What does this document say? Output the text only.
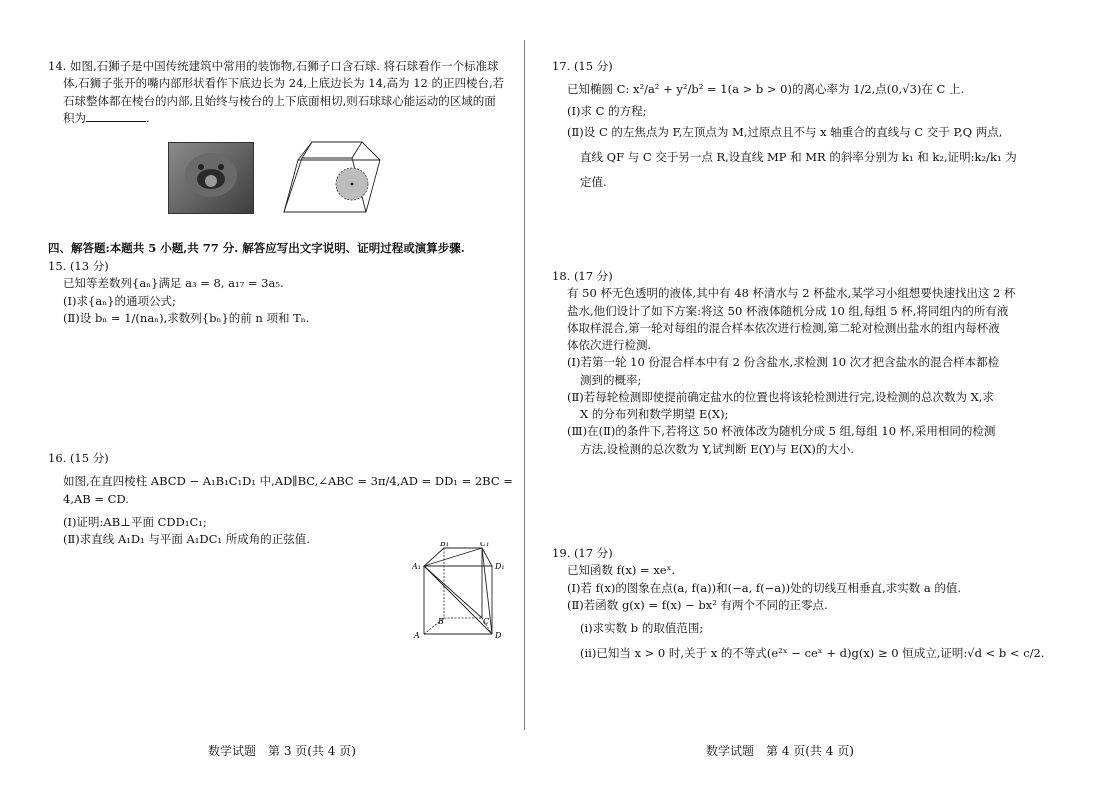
14. 如图,石狮子是中国传统建筑中常用的装饰物,石狮子口含石球. 将石球看作一个标准球

体,石狮子张开的嘴内部形状看作下底边长为 24,上底边长为 14,高为 12 的正四棱台,若

石球整体都在棱台的内部,且始终与棱台的上下底面相切,则石球球心能运动的区域的面

积为	.

四、解答题:本题共 5 小题,共 77 分. 解答应写出文字说明、证明过程或演算步骤.

15. (13 分)

已知等差数列{aₙ}满足 a₃ = 8, a₁₇ = 3a₅.

(Ⅰ)求{aₙ}的通项公式;

(Ⅱ)设 bₙ = 1/(naₙ),求数列{bₙ}的前 n 项和 Tₙ.

16. (15 分)

如图,在直四棱柱 ABCD − A₁B₁C₁D₁ 中,AD∥BC,∠ABC = 3π/4,AD = DD₁ = 2BC = 4,AB = CD.

(Ⅰ)证明:AB⊥平面 CDD₁C₁;

(Ⅱ)求直线 A₁D₁ 与平面 A₁DC₁ 所成角的正弦值.	B₁	C₁
A₁	D₁
B	C
A	D

数学试题　第 3 页(共 4 页)

17. (15 分)

已知椭圆 C: x²/a² + y²/b² = 1(a > b > 0)的离心率为 1/2,点(0,√3)在 C 上.

(Ⅰ)求 C 的方程;

(Ⅱ)设 C 的左焦点为 F,左顶点为 M,过原点且不与 x 轴重合的直线与 C 交于 P,Q 两点,

直线 QF 与 C 交于另一点 R,设直线 MP 和 MR 的斜率分别为 k₁ 和 k₂,证明:k₂/k₁ 为

定值.

18. (17 分)

有 50 杯无色透明的液体,其中有 48 杯清水与 2 杯盐水,某学习小组想要快速找出这 2 杯

盐水,他们设计了如下方案:将这 50 杯液体随机分成 10 组,每组 5 杯,将同组内的所有液

体取样混合,第一轮对每组的混合样本依次进行检测,第二轮对检测出盐水的组内每杯液

体依次进行检测.

(Ⅰ)若第一轮 10 份混合样本中有 2 份含盐水,求检测 10 次才把含盐水的混合样本都检

测到的概率;

(Ⅱ)若每轮检测即使提前确定盐水的位置也将该轮检测进行完,设检测的总次数为 X,求

X 的分布列和数学期望 E(X);

(Ⅲ)在(Ⅱ)的条件下,若将这 50 杯液体改为随机分成 5 组,每组 10 杯,采用相同的检测

方法,设检测的总次数为 Y,试判断 E(Y)与 E(X)的大小.

19. (17 分)

已知函数 f(x) = xeˣ.

(Ⅰ)若 f(x)的图象在点(a, f(a))和(−a, f(−a))处的切线互相垂直,求实数 a 的值.

(Ⅱ)若函数 g(x) = f(x) − bx² 有两个不同的正零点.

(ⅰ)求实数 b 的取值范围;

(ⅱ)已知当 x > 0 时,关于 x 的不等式(e²ˣ − ceˣ + d)g(x) ≥ 0 恒成立,证明:√d < b < c/2.

数学试题　第 4 页(共 4 页)
